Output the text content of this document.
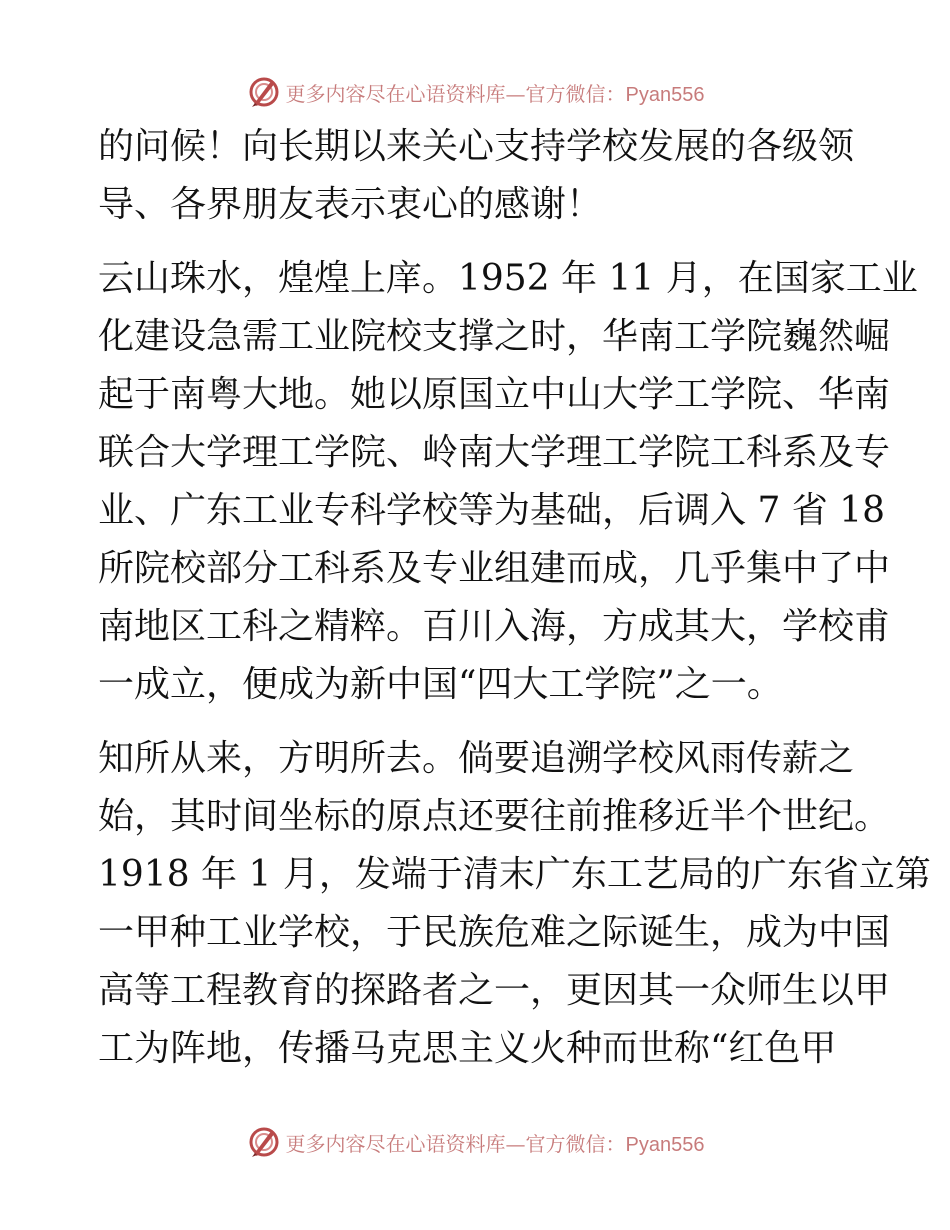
更多内容尽在心语资料库—官方微信：Pyan556
的问候！向长期以来关心支持学校发展的各级领
导、各界朋友表示衷心的感谢！
云山珠水，煌煌上庠。1952 年 11 月，在国家工业
化建设急需工业院校支撑之时，华南工学院巍然崛
起于南粤大地。她以原国立中山大学工学院、华南
联合大学理工学院、岭南大学理工学院工科系及专
业、广东工业专科学校等为基础，后调入 7 省 18
所院校部分工科系及专业组建而成，几乎集中了中
南地区工科之精粹。百川入海，方成其大，学校甫
一成立，便成为新中国“四大工学院”之一。
知所从来，方明所去。倘要追溯学校风雨传薪之
始，其时间坐标的原点还要往前推移近半个世纪。
1918 年 1 月，发端于清末广东工艺局的广东省立第
一甲种工业学校，于民族危难之际诞生，成为中国
高等工程教育的探路者之一，更因其一众师生以甲
工为阵地，传播马克思主义火种而世称“红色甲
更多内容尽在心语资料库—官方微信：Pyan556
